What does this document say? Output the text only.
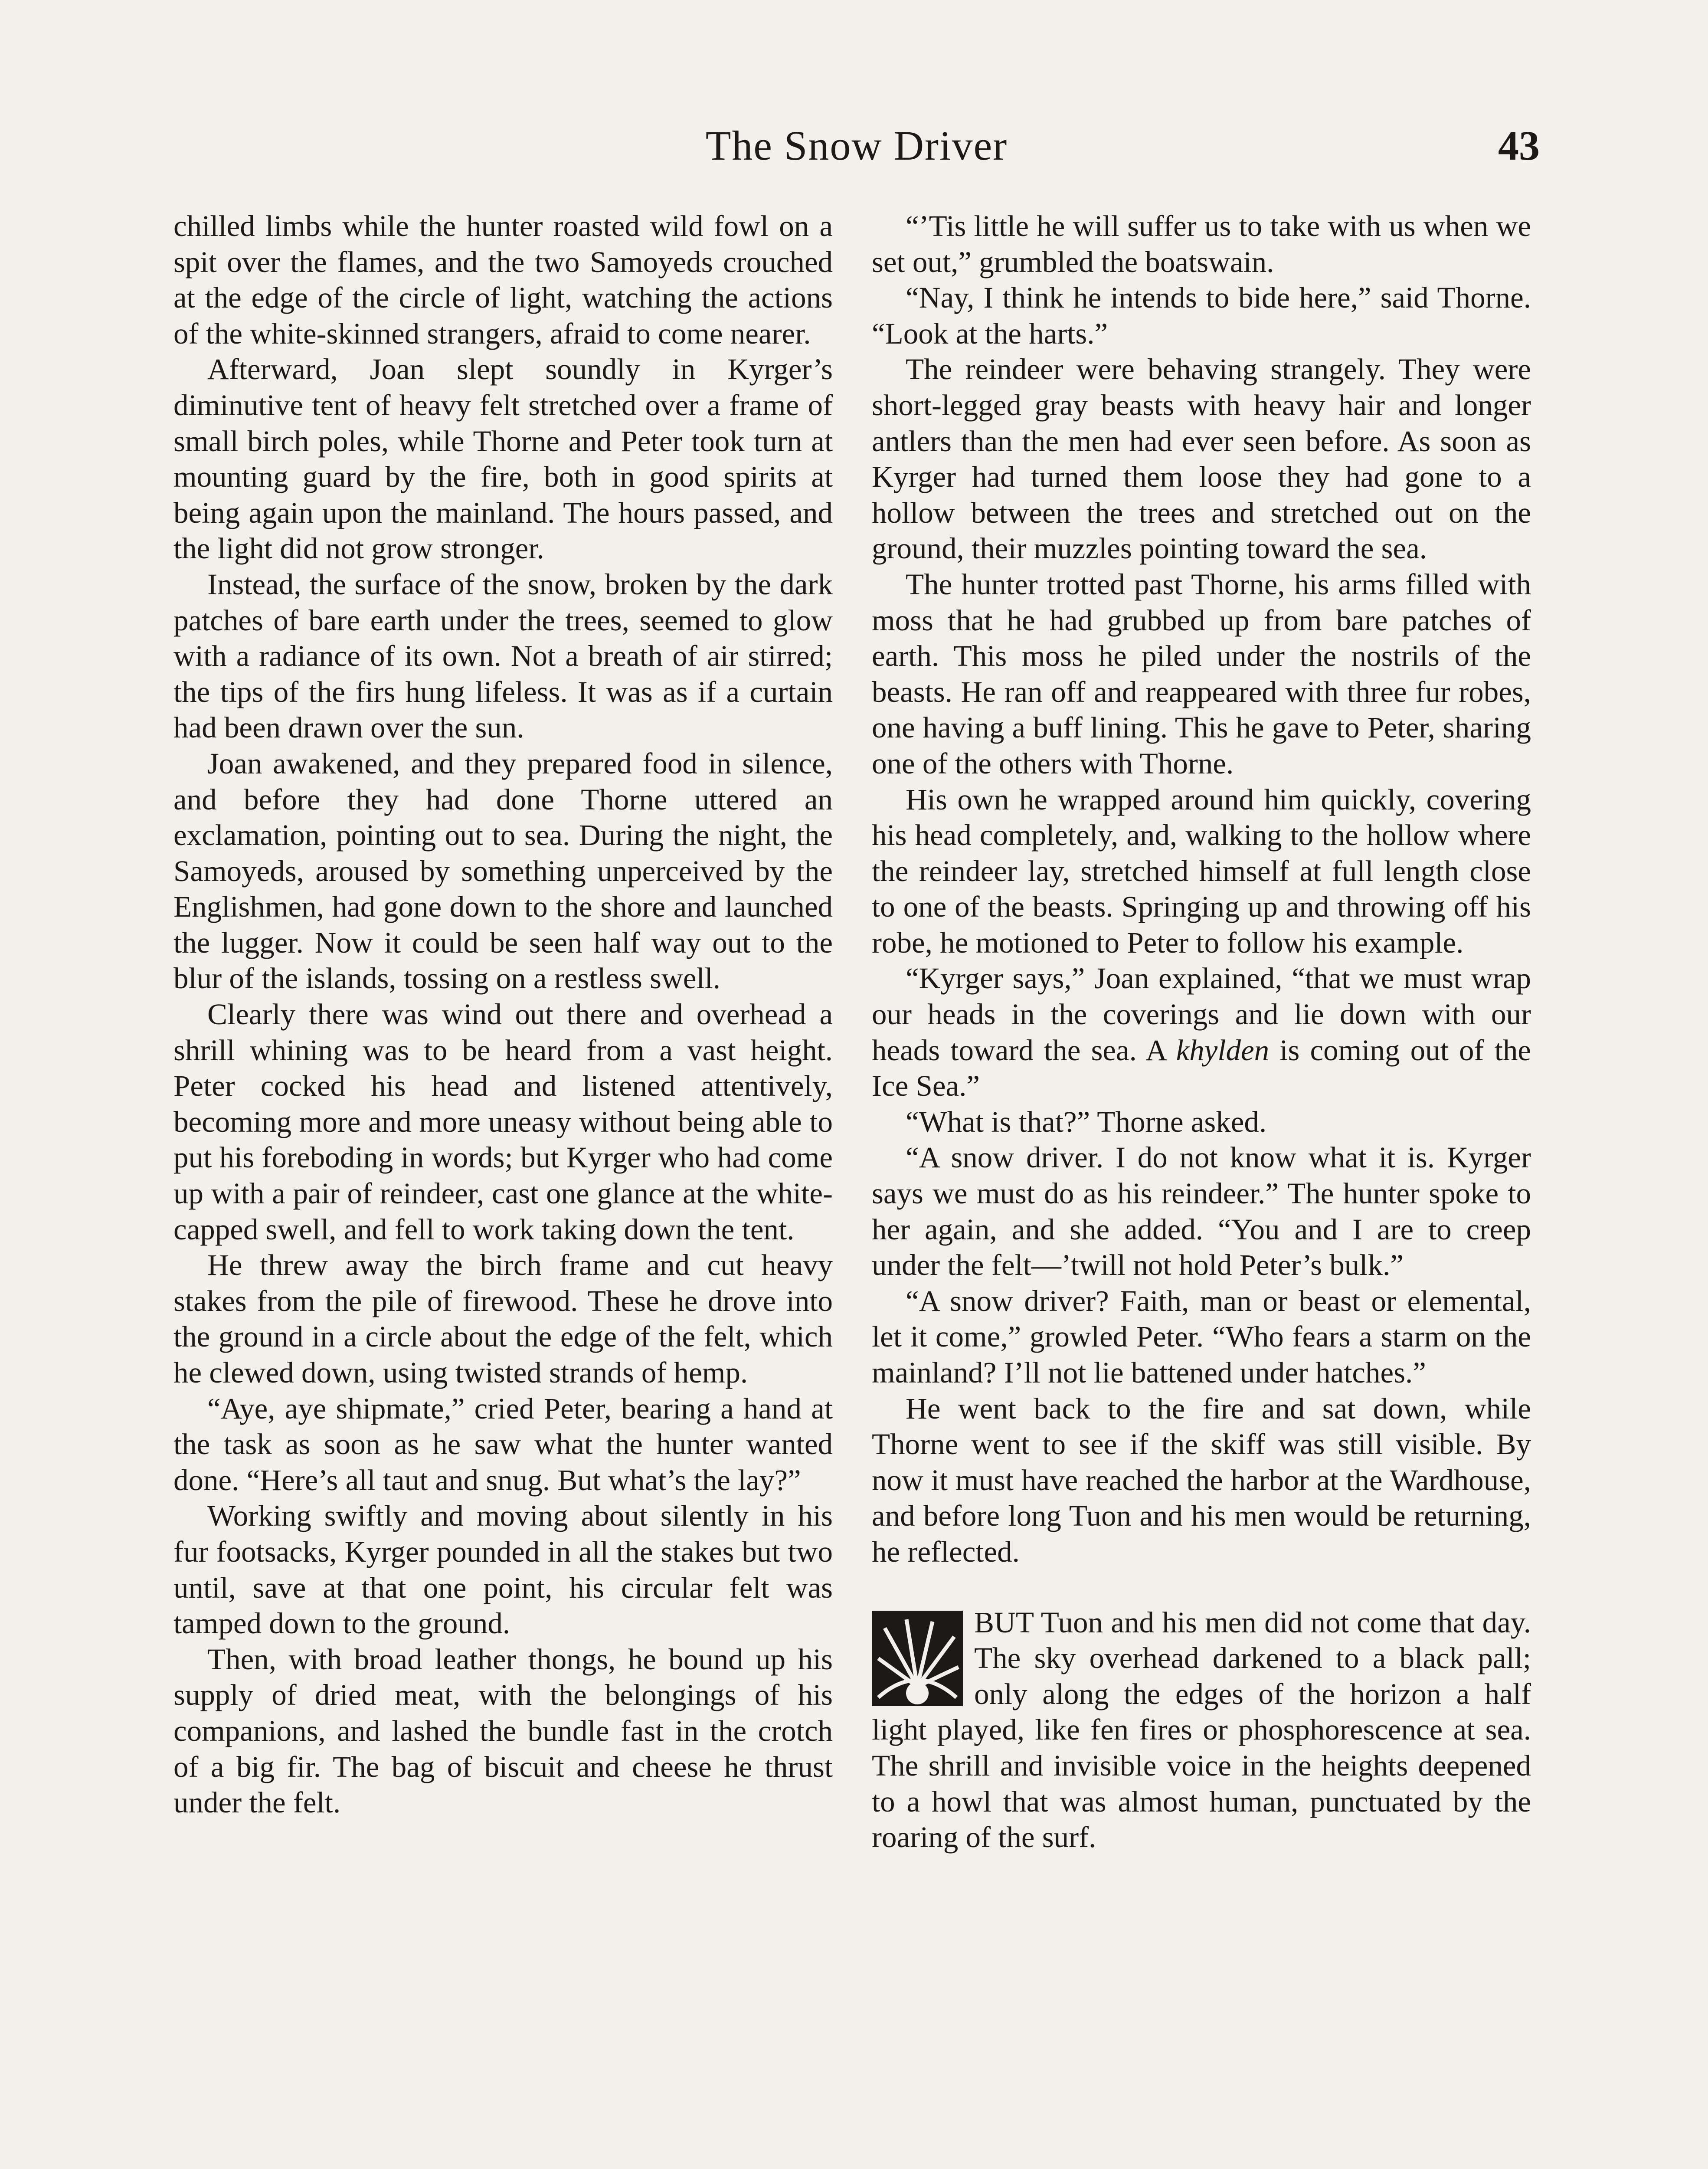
The Snow Driver	43

chilled limbs while the hunter roasted wild fowl on a spit over the flames, and the two Samoyeds crouched at the edge of the circle of light, watching the actions of the white-skinned strangers, afraid to come nearer.

Afterward, Joan slept soundly in Kyrger’s diminutive tent of heavy felt stretched over a frame of small birch poles, while Thorne and Peter took turn at mounting guard by the fire, both in good spirits at being again upon the mainland. The hours passed, and the light did not grow stronger.

Instead, the surface of the snow, broken by the dark patches of bare earth under the trees, seemed to glow with a radiance of its own. Not a breath of air stirred; the tips of the firs hung lifeless. It was as if a curtain had been drawn over the sun.

Joan awakened, and they prepared food in silence, and before they had done Thorne uttered an exclamation, pointing out to sea. During the night, the Samoyeds, aroused by something unperceived by the Englishmen, had gone down to the shore and launched the lugger. Now it could be seen half way out to the blur of the islands, tossing on a restless swell.

Clearly there was wind out there and overhead a shrill whining was to be heard from a vast height. Peter cocked his head and listened attentively, becoming more and more uneasy without being able to put his foreboding in words; but Kyrger who had come up with a pair of reindeer, cast one glance at the white-capped swell, and fell to work taking down the tent.

He threw away the birch frame and cut heavy stakes from the pile of firewood. These he drove into the ground in a circle about the edge of the felt, which he clewed down, using twisted strands of hemp.

“Aye, aye shipmate,” cried Peter, bearing a hand at the task as soon as he saw what the hunter wanted done. “Here’s all taut and snug. But what’s the lay?”

Working swiftly and moving about silently in his fur footsacks, Kyrger pounded in all the stakes but two until, save at that one point, his circular felt was tamped down to the ground.

Then, with broad leather thongs, he bound up his supply of dried meat, with the belongings of his companions, and lashed the bundle fast in the crotch of a big fir. The bag of biscuit and cheese he thrust under the felt.

“’Tis little he will suffer us to take with us when we set out,” grumbled the boatswain.

“Nay, I think he intends to bide here,” said Thorne. “Look at the harts.”

The reindeer were behaving strangely. They were short-legged gray beasts with heavy hair and longer antlers than the men had ever seen before. As soon as Kyrger had turned them loose they had gone to a hollow between the trees and stretched out on the ground, their muzzles pointing toward the sea.

The hunter trotted past Thorne, his arms filled with moss that he had grubbed up from bare patches of earth. This moss he piled under the nostrils of the beasts. He ran off and reappeared with three fur robes, one having a buff lining. This he gave to Peter, sharing one of the others with Thorne.

His own he wrapped around him quickly, covering his head completely, and, walking to the hollow where the reindeer lay, stretched himself at full length close to one of the beasts. Springing up and throwing off his robe, he motioned to Peter to follow his example.

“Kyrger says,” Joan explained, “that we must wrap our heads in the coverings and lie down with our heads toward the sea. A khylden is coming out of the Ice Sea.”

“What is that?” Thorne asked.

“A snow driver. I do not know what it is. Kyrger says we must do as his reindeer.” The hunter spoke to her again, and she added. “You and I are to creep under the felt—’twill not hold Peter’s bulk.”

“A snow driver? Faith, man or beast or elemental, let it come,” growled Peter. “Who fears a starm on the mainland? I’ll not lie battened under hatches.”

He went back to the fire and sat down, while Thorne went to see if the skiff was still visible. By now it must have reached the harbor at the Wardhouse, and before long Tuon and his men would be returning, he reflected.

BUT Tuon and his men did not come that day. The sky overhead darkened to a black pall; only along the edges of the horizon a half light played, like fen fires or phosphorescence at sea. The shrill and invisible voice in the heights deepened to a howl that was almost human, punctuated by the roaring of the surf.
